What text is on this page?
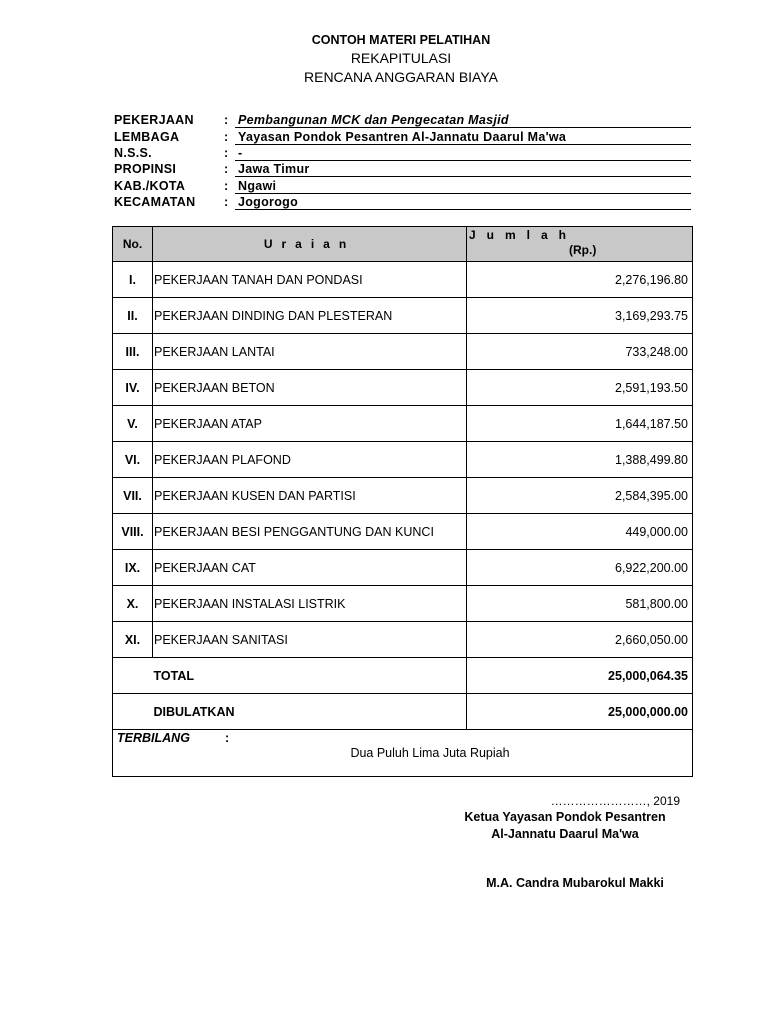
CONTOH MATERI PELATIHAN
REKAPITULASI
RENCANA ANGGARAN BIAYA
PEKERJAAN : Pembangunan MCK dan Pengecatan Masjid
LEMBAGA	: Yayasan Pondok Pesantren Al-Jannatu Daarul Ma'wa
N.S.S.	: -
PROPINSI	: Jawa Timur
KAB./KOTA	: Ngawi
KECAMATAN : Jogorogo
No.	Uraian	Jumlah
(Rp.)

I.	PEKERJAAN TANAH DAN PONDASI	2,276,196.80
II.	PEKERJAAN DINDING DAN PLESTERAN	3,169,293.75
III.	PEKERJAAN LANTAI	733,248.00
IV.	PEKERJAAN BETON	2,591,193.50
V.	PEKERJAAN ATAP	1,644,187.50
VI.	PEKERJAAN PLAFOND	1,388,499.80
VII.	PEKERJAAN KUSEN DAN PARTISI	2,584,395.00
VIII.	PEKERJAAN BESI PENGGANTUNG DAN KUNCI	449,000.00
IX.	PEKERJAAN CAT	6,922,200.00
X.	PEKERJAAN INSTALASI LISTRIK	581,800.00
XI.	PEKERJAAN SANITASI	2,660,050.00
	TOTAL	25,000,064.35
	DIBULATKAN	25,000,000.00

TERBILANG :
Dua Puluh Lima Juta Rupiah		
……………………, 2019
Ketua Yayasan Pondok Pesantren
Al-Jannatu Daarul Ma'wa
M.A. Candra Mubarokul Makki
